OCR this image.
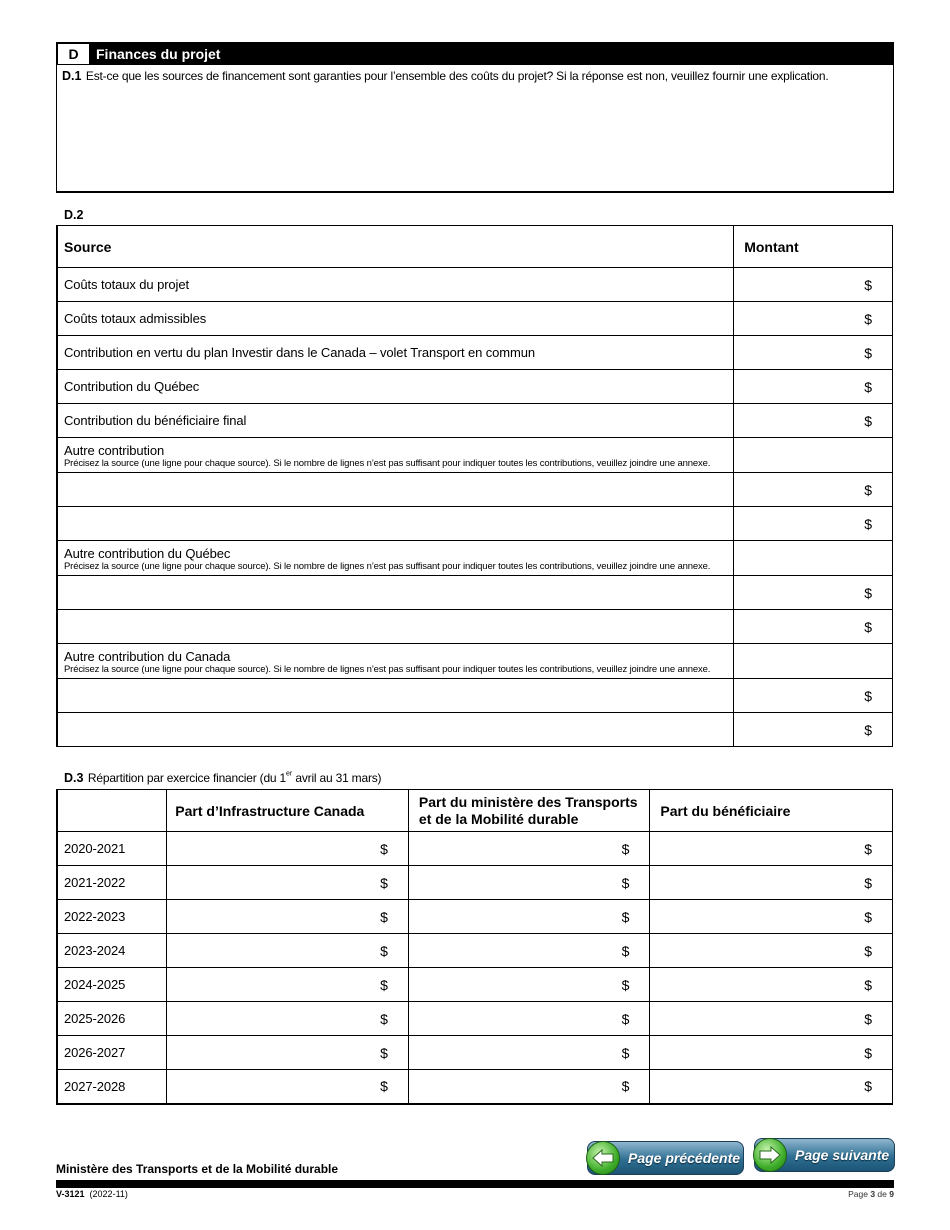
D	Finances du projet
D.1 Est-ce que les sources de financement sont garanties pour l’ensemble des coûts du projet? Si la réponse est non, veuillez fournir une explication.
D.2
Source	Montant
Coûts totaux du projet	$
Coûts totaux admissibles	$
Contribution en vertu du plan Investir dans le Canada – volet Transport en commun	$
Contribution du Québec	$
Contribution du bénéficiaire final	$

Autre contribution
Précisez la source (une ligne pour chaque source). Si le nombre de lignes n’est pas suffisant pour indiquer toutes les contributions, veuillez joindre une annexe.	

	$
	$

Autre contribution du Québec
Précisez la source (une ligne pour chaque source). Si le nombre de lignes n’est pas suffisant pour indiquer toutes les contributions, veuillez joindre une annexe.	

	$
	$

Autre contribution du Canada
Précisez la source (une ligne pour chaque source). Si le nombre de lignes n’est pas suffisant pour indiquer toutes les contributions, veuillez joindre une annexe.	

	$
	$
D.3 Répartition par exercice financier (du 1er avril au 31 mars)
	Part d’Infrastructure Canada	Part du ministère des Transports
et de la Mobilité durable	Part du bénéficiaire
2020-2021	$	$	$
2021-2022	$	$	$
2022-2023	$	$	$
2023-2024	$	$	$
2024-2025	$	$	$
2025-2026	$	$	$
2026-2027	$	$	$
2027-2028	$	$	$
Page précédente	Page suivante
Ministère des Transports et de la Mobilité durable
V-3121 (2022-11)	Page 3 de 9
